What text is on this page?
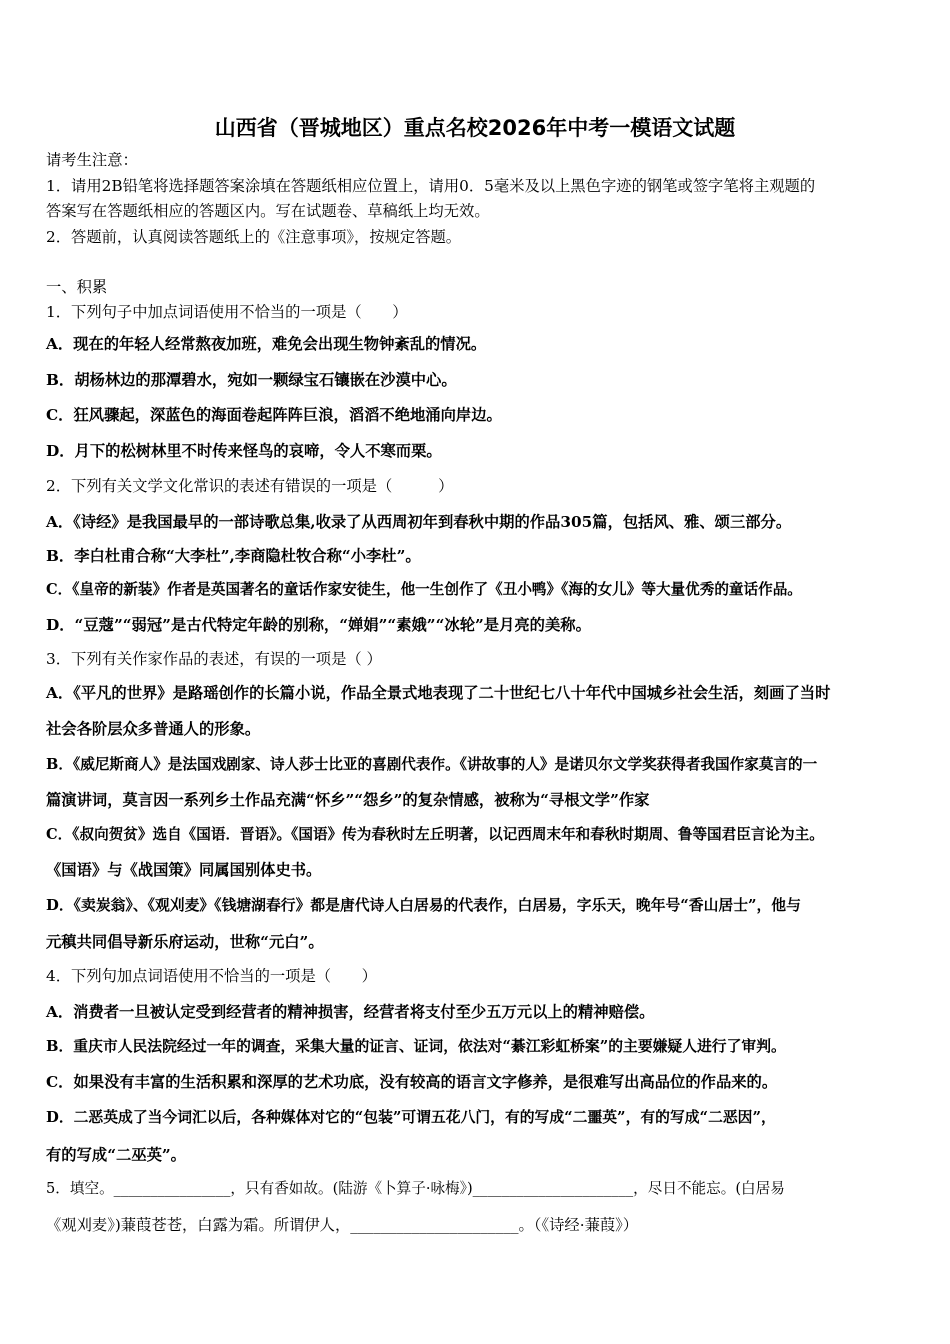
山西省（晋城地区）重点名校2026年中考一模语文试题
请考生注意：
1．请用2B铅笔将选择题答案涂填在答题纸相应位置上，请用0．5毫米及以上黑色字迹的钢笔或签字笔将主观题的
答案写在答题纸相应的答题区内。写在试题卷、草稿纸上均无效。
2．答题前，认真阅读答题纸上的《注意事项》，按规定答题。
一、积累
1．下列句子中加点词语使用不恰当的一项是（　　）
A．现在的年轻人经常熬夜加班，难免会出现生物钟紊乱的情况。
B．胡杨林边的那潭碧水，宛如一颗绿宝石镶嵌在沙漠中心。
C．狂风骤起，深蓝色的海面卷起阵阵巨浪，滔滔不绝地涌向岸边。
D．月下的松树林里不时传来怪鸟的哀啼，令人不寒而栗。
2．下列有关文学文化常识的表述有错误的一项是（　　　）
A．《诗经》是我国最早的一部诗歌总集,收录了从西周初年到春秋中期的作品305篇，包括风、雅、颂三部分。
B．李白杜甫合称“大李杜”,李商隐杜牧合称“小李杜”。
C．《皇帝的新装》作者是英国著名的童话作家安徒生，他一生创作了《丑小鸭》《海的女儿》等大量优秀的童话作品。
D．“豆蔻”“弱冠”是古代特定年龄的别称，“婵娟”“素娥”“冰轮”是月亮的美称。
3．下列有关作家作品的表述，有误的一项是（ ）
A．《平凡的世界》是路瑶创作的长篇小说，作品全景式地表现了二十世纪七八十年代中国城乡社会生活，刻画了当时
社会各阶层众多普通人的形象。
B．《威尼斯商人》是法国戏剧家、诗人莎士比亚的喜剧代表作。《讲故事的人》是诺贝尔文学奖获得者我国作家莫言的一
篇演讲词，莫言因一系列乡土作品充满“怀乡”“怨乡”的复杂情感，被称为“寻根文学”作家
C．《叔向贺贫》选自《国语．晋语》。《国语》传为春秋时左丘明著，以记西周末年和春秋时期周、鲁等国君臣言论为主。
《国语》与《战国策》同属国别体史书。
D．《卖炭翁》、《观刈麦》《钱塘湖春行》都是唐代诗人白居易的代表作，白居易，字乐天，晚年号“香山居士”，他与
元稹共同倡导新乐府运动，世称“元白”。
4．下列句加点词语使用不恰当的一项是（　　）
A．消费者一旦被认定受到经营者的精神损害，经营者将支付至少五万元以上的精神赔偿。
B．重庆市人民法院经过一年的调查，采集大量的证言、证词，依法对“綦江彩虹桥案”的主要嫌疑人进行了审判。
C．如果没有丰富的生活积累和深厚的艺术功底，没有较高的语言文字修养，是很难写出高品位的作品来的。
D．二恶英成了当今词汇以后，各种媒体对它的“包装”可谓五花八门，有的写成“二噩英”，有的写成“二恶因”，
有的写成“二巫英”。
5．填空。________________，只有香如故。(陆游《卜算子·咏梅》)______________________，尽日不能忘。(白居易
《观刈麦》)蒹葭苍苍，白露为霜。所谓伊人，______________________。（《诗经·蒹葭》）
